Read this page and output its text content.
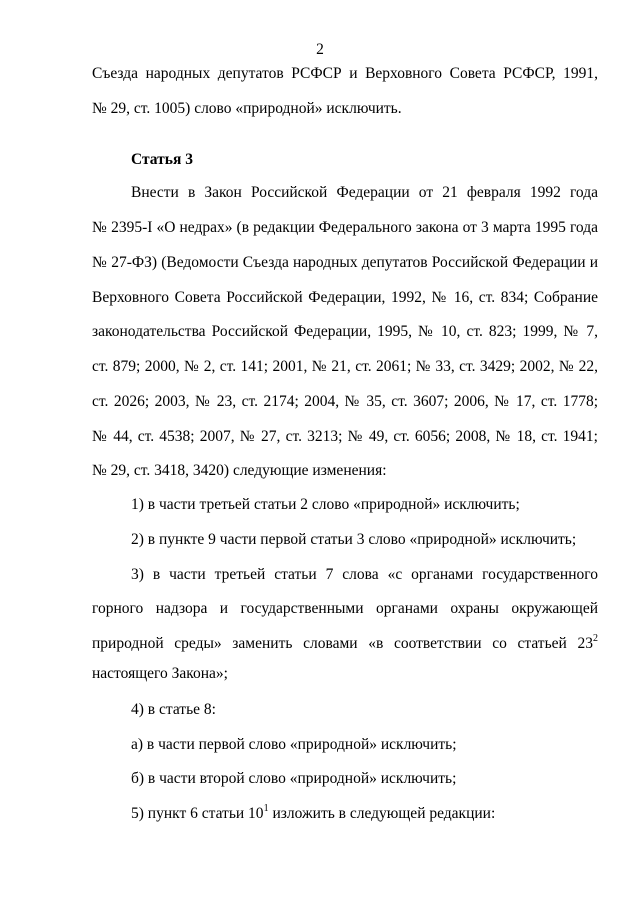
2

Съезда народных депутатов РСФСР и Верховного Совета РСФСР, 1991,

№ 29, ст. 1005) слово «природной» исключить.

Статья 3

Внести в Закон Российской Федерации от 21 февраля 1992 года

№ 2395-I «О недрах» (в редакции Федерального закона от 3 марта 1995 года

№ 27-ФЗ) (Ведомости Съезда народных депутатов Российской Федерации и

Верховного Совета Российской Федерации, 1992, № 16, ст. 834; Собрание

законодательства Российской Федерации, 1995, № 10, ст. 823; 1999, № 7,

ст. 879; 2000, № 2, ст. 141; 2001, № 21, ст. 2061; № 33, ст. 3429; 2002, № 22,

ст. 2026; 2003, № 23, ст. 2174; 2004, № 35, ст. 3607; 2006, № 17, ст. 1778;

№ 44, ст. 4538; 2007, № 27, ст. 3213; № 49, ст. 6056; 2008, № 18, ст. 1941;

№ 29, ст. 3418, 3420) следующие изменения:

1) в части третьей статьи 2 слово «природной» исключить;

2) в пункте 9 части первой статьи 3 слово «природной» исключить;

3) в части третьей статьи 7 слова «с органами государственного

горного надзора и государственными органами охраны окружающей

природной среды» заменить словами «в соответствии со статьей $23^2$

настоящего Закона»;

4) в статье 8:

а) в части первой слово «природной» исключить;

б) в части второй слово «природной» исключить;

5) пункт 6 статьи $10^1$ изложить в следующей редакции:
